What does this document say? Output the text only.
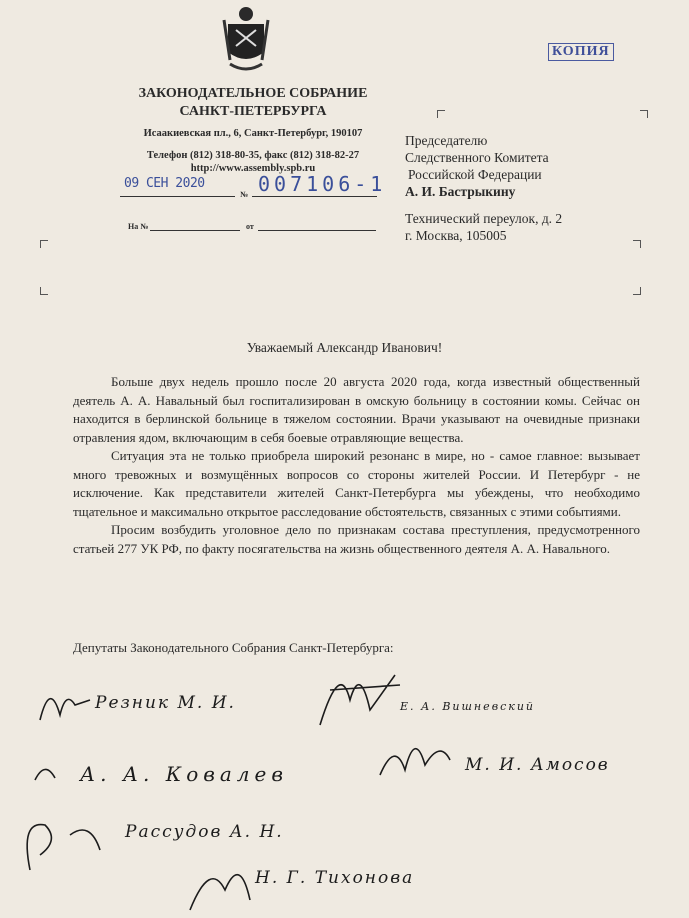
ЗАКОНОДАТЕЛЬНОЕ СОБРАНИЕ
САНКТ-ПЕТЕРБУРГА
Исаакиевская пл., 6, Санкт-Петербург, 190107
Телефон (812) 318-80-35, факс (812) 318-82-27
http://www.assembly.spb.ru
09 СЕН 2020	007106-1
№
На №	от
КОПИЯ
Председателю
Следственного Комитета
Российской Федерации
А. И. Бастрыкину
Технический переулок, д. 2
г. Москва, 105005
Уважаемый Александр Иванович!

Больше двух недель прошло после 20 августа 2020 года, когда известный общественный деятель А. А. Навальный был госпитализирован в омскую больницу в состоянии комы. Сейчас он находится в берлинской больнице в тяжелом состоянии. Врачи указывают на очевидные признаки отравления ядом, включающим в себя боевые отравляющие вещества.

Ситуация эта не только приобрела широкий резонанс в мире, но - самое главное: вызывает много тревожных и возмущённых вопросов со стороны жителей России. И Петербург - не исключение. Как представители жителей Санкт-Петербурга мы убеждены, что необходимо тщательное и максимально открытое расследование обстоятельств, связанных с этими событиями.

Просим возбудить уголовное дело по признакам состава преступления, предусмотренного статьей 277 УК РФ, по факту посягательства на жизнь общественного деятеля А. А. Навального.

Депутаты Законодательного Собрания Санкт-Петербурга:
Резник М. И.	Е. А. Вишневский
А. А. Ковалев	М. И. Амосов
Рассудов А. Н.
Н. Г. Тихонова
